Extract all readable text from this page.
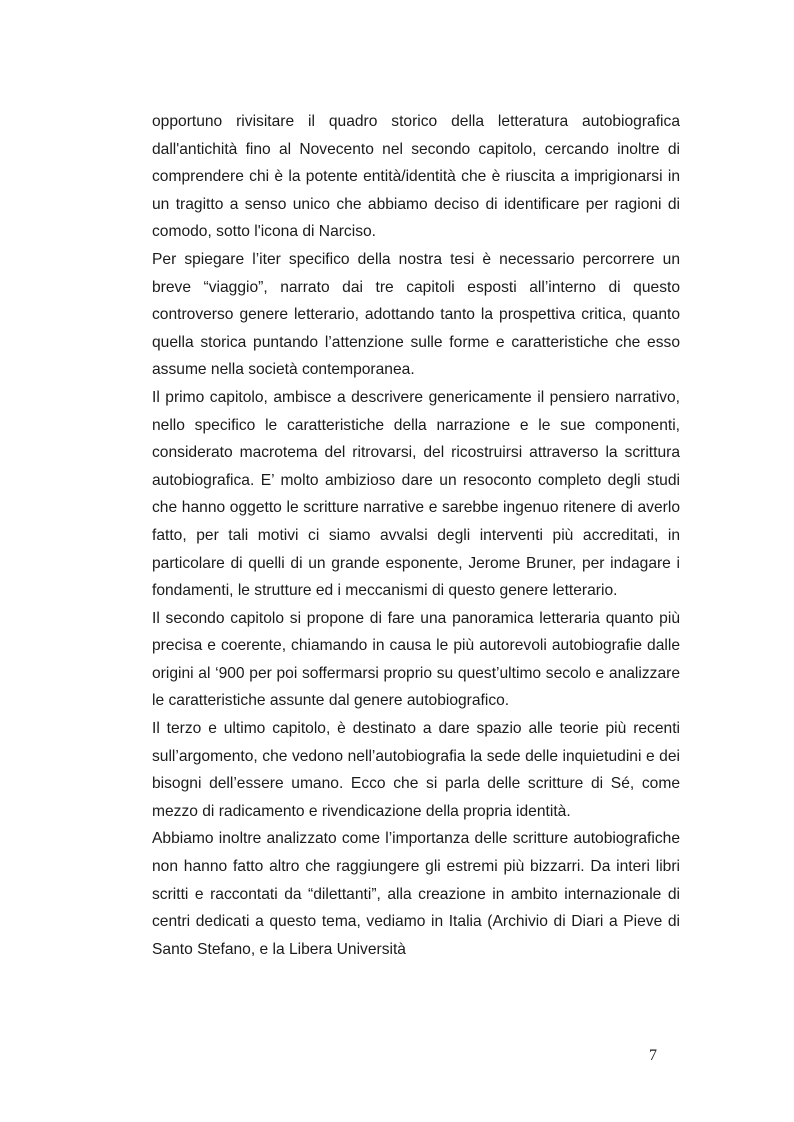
opportuno rivisitare il quadro storico della letteratura autobiografica dall'antichità fino al Novecento nel secondo capitolo, cercando inoltre di comprendere chi è la potente entità/identità che è riuscita a imprigionarsi in un tragitto a senso unico che abbiamo deciso di identificare per ragioni di comodo, sotto l'icona di Narciso.

Per spiegare l’iter specifico della nostra tesi è necessario percorrere un breve “viaggio”, narrato dai tre capitoli esposti all’interno di questo controverso genere letterario, adottando tanto la prospettiva critica, quanto quella storica puntando l’attenzione sulle forme e caratteristiche che esso assume nella società contemporanea.

Il primo capitolo, ambisce a descrivere genericamente il pensiero narrativo, nello specifico le caratteristiche della narrazione e le sue componenti, considerato macrotema del ritrovarsi, del ricostruirsi attraverso la scrittura autobiografica. E’ molto ambizioso dare un resoconto completo degli studi che hanno oggetto le scritture narrative e sarebbe ingenuo ritenere di averlo fatto, per tali motivi ci siamo avvalsi degli interventi più accreditati, in particolare di quelli di un grande esponente, Jerome Bruner, per indagare i fondamenti, le strutture ed i meccanismi di questo genere letterario.

Il secondo capitolo si propone di fare una panoramica letteraria quanto più precisa e coerente, chiamando in causa le più autorevoli autobiografie dalle origini al ‘900 per poi soffermarsi proprio su quest’ultimo secolo e analizzare le caratteristiche assunte dal genere autobiografico.

Il terzo e ultimo capitolo, è destinato a dare spazio alle teorie più recenti sull’argomento, che vedono nell’autobiografia la sede delle inquietudini e dei bisogni dell’essere umano. Ecco che si parla delle scritture di Sé, come mezzo di radicamento e rivendicazione della propria identità.

Abbiamo inoltre analizzato come l’importanza delle scritture autobiografiche non hanno fatto altro che raggiungere gli estremi più bizzarri. Da interi libri scritti e raccontati da “dilettanti”, alla creazione in ambito internazionale di centri dedicati a questo tema, vediamo in Italia (Archivio di Diari a Pieve di Santo Stefano, e la Libera Università

7
